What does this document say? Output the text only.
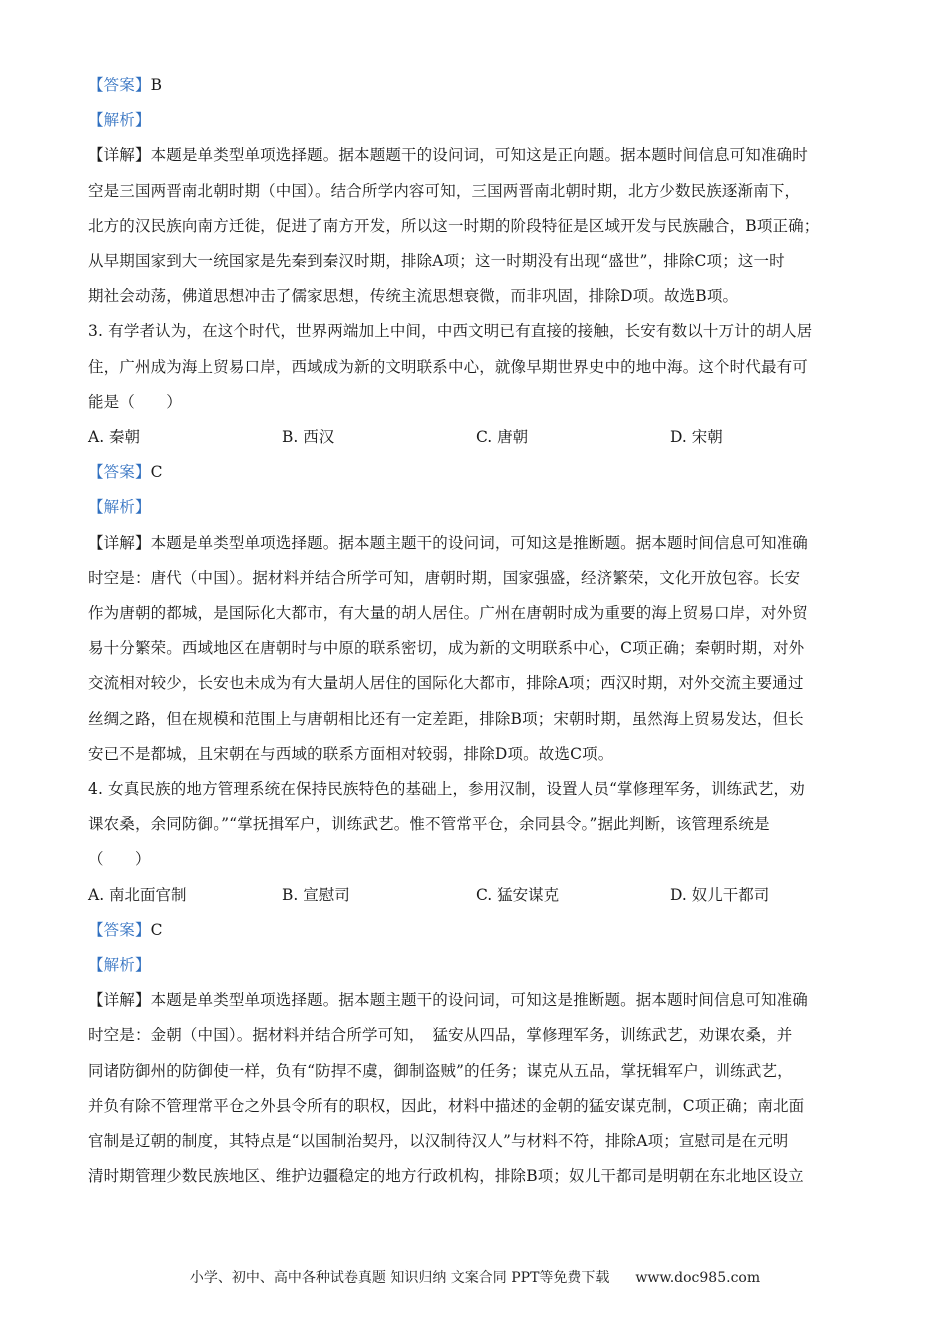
【答案】B
【解析】
【详解】本题是单类型单项选择题。据本题题干的设问词，可知这是正向题。据本题时间信息可知准确时
空是三国两晋南北朝时期（中国）。结合所学内容可知，三国两晋南北朝时期，北方少数民族逐渐南下，
北方的汉民族向南方迁徙，促进了南方开发，所以这一时期的阶段特征是区域开发与民族融合，B项正确；
从早期国家到大一统国家是先秦到秦汉时期，排除A项；这一时期没有出现“盛世”，排除C项；这一时
期社会动荡，佛道思想冲击了儒家思想，传统主流思想衰微，而非巩固，排除D项。故选B项。
3. 有学者认为，在这个时代，世界两端加上中间，中西文明已有直接的接触，长安有数以十万计的胡人居
住，广州成为海上贸易口岸，西域成为新的文明联系中心，就像早期世界史中的地中海。这个时代最有可
能是（　　）
A. 秦朝	B. 西汉	C. 唐朝	D. 宋朝
【答案】C
【解析】
【详解】本题是单类型单项选择题。据本题主题干的设问词，可知这是推断题。据本题时间信息可知准确
时空是：唐代（中国）。据材料并结合所学可知，唐朝时期，国家强盛，经济繁荣，文化开放包容。长安
作为唐朝的都城，是国际化大都市，有大量的胡人居住。广州在唐朝时成为重要的海上贸易口岸，对外贸
易十分繁荣。西域地区在唐朝时与中原的联系密切，成为新的文明联系中心，C项正确；秦朝时期，对外
交流相对较少，长安也未成为有大量胡人居住的国际化大都市，排除A项；西汉时期，对外交流主要通过
丝绸之路，但在规模和范围上与唐朝相比还有一定差距，排除B项；宋朝时期，虽然海上贸易发达，但长
安已不是都城，且宋朝在与西域的联系方面相对较弱，排除D项。故选C项。
4. 女真民族的地方管理系统在保持民族特色的基础上，参用汉制，设置人员“掌修理军务，训练武艺，劝
课农桑，余同防御。”“掌抚揖军户，训练武艺。惟不管常平仓，余同县令。”据此判断，该管理系统是
（　　）
A. 南北面官制	B. 宣慰司	C. 猛安谋克	D. 奴儿干都司
【答案】C
【解析】
【详解】本题是单类型单项选择题。据本题主题干的设问词，可知这是推断题。据本题时间信息可知准确
时空是：金朝（中国）。据材料并结合所学可知，　猛安从四品，掌修理军务，训练武艺，劝课农桑，并
同诸防御州的防御使一样，负有“防捍不虞，御制盗贼”的任务；谋克从五品，掌抚辑军户，训练武艺，
并负有除不管理常平仓之外县令所有的职权，因此，材料中描述的金朝的猛安谋克制，C项正确；南北面
官制是辽朝的制度，其特点是“以国制治契丹，以汉制待汉人”与材料不符，排除A项；宣慰司是在元明
清时期管理少数民族地区、维护边疆稳定的地方行政机构，排除B项；奴儿干都司是明朝在东北地区设立
小学、初中、高中各种试卷真题 知识归纳 文案合同 PPT等免费下载 www.doc985.com
